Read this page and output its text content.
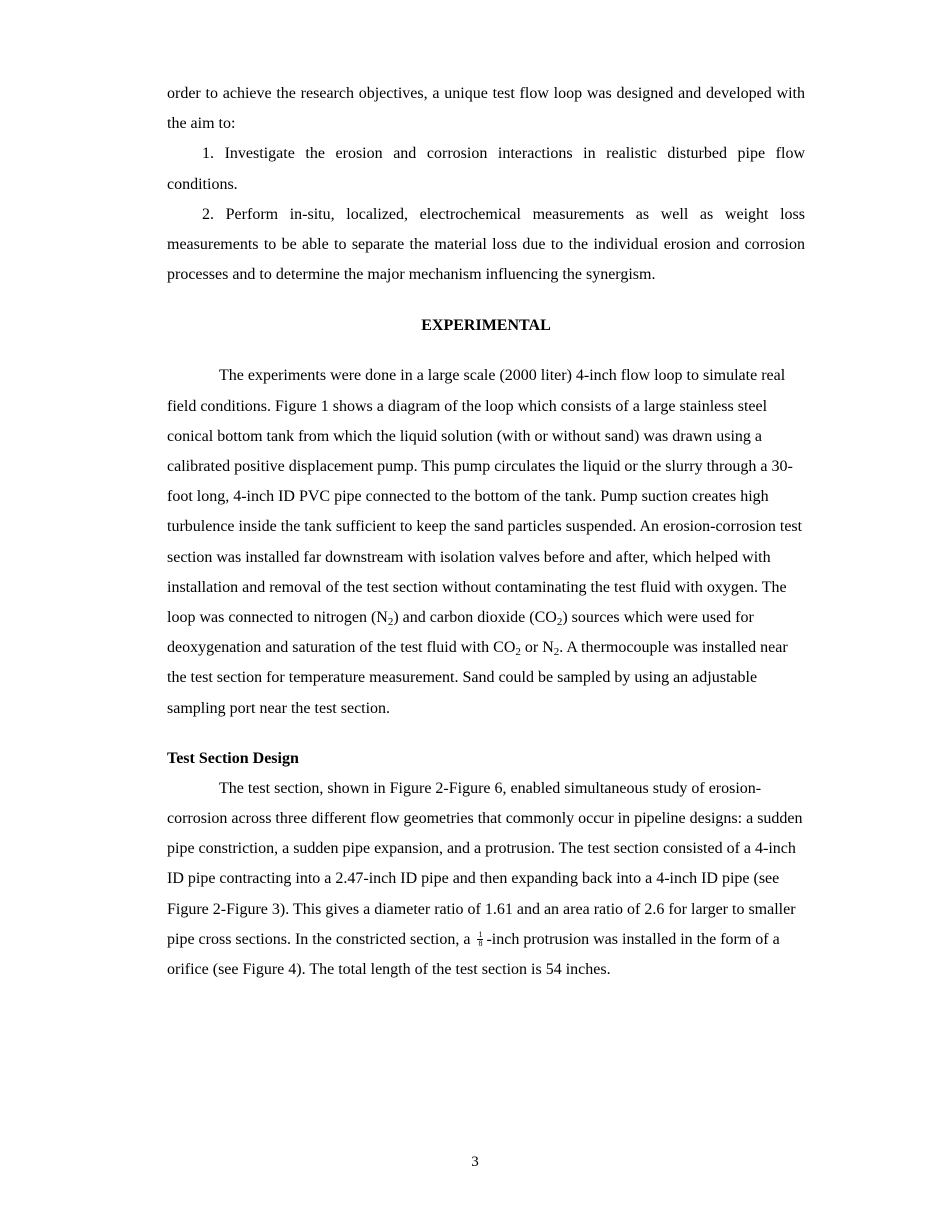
order to achieve the research objectives, a unique test flow loop was designed and developed with the aim to:

1. Investigate the erosion and corrosion interactions in realistic disturbed pipe flow conditions.

2. Perform in-situ, localized, electrochemical measurements as well as weight loss measurements to be able to separate the material loss due to the individual erosion and corrosion processes and to determine the major mechanism influencing the synergism.

EXPERIMENTAL

The experiments were done in a large scale (2000 liter) 4-inch flow loop to simulate real field conditions. Figure 1 shows a diagram of the loop which consists of a large stainless steel conical bottom tank from which the liquid solution (with or without sand) was drawn using a calibrated positive displacement pump. This pump circulates the liquid or the slurry through a 30-foot long, 4-inch ID PVC pipe connected to the bottom of the tank. Pump suction creates high turbulence inside the tank sufficient to keep the sand particles suspended. An erosion-corrosion test section was installed far downstream with isolation valves before and after, which helped with installation and removal of the test section without contaminating the test fluid with oxygen. The loop was connected to nitrogen $(N_2)$ and carbon dioxide $(CO_2)$ sources which were used for deoxygenation and saturation of the test fluid with $CO_2$ or $N_2$. A thermocouple was installed near the test section for temperature measurement. Sand could be sampled by using an adjustable sampling port near the test section.

Test Section Design

The test section, shown in Figure 2-Figure 6, enabled simultaneous study of erosion-corrosion across three different flow geometries that commonly occur in pipeline designs: a sudden pipe constriction, a sudden pipe expansion, and a protrusion. The test section consisted of a 4-inch ID pipe contracting into a 2.47-inch ID pipe and then expanding back into a 4-inch ID pipe (see Figure 2-Figure 3). This gives a diameter ratio of 1.61 and an area ratio of 2.6 for larger to smaller pipe cross sections. In the constricted section, a $\frac{1}{8}$ -inch protrusion was installed in the form of a orifice (see Figure 4). The total length of the test section is 54 inches.

3
